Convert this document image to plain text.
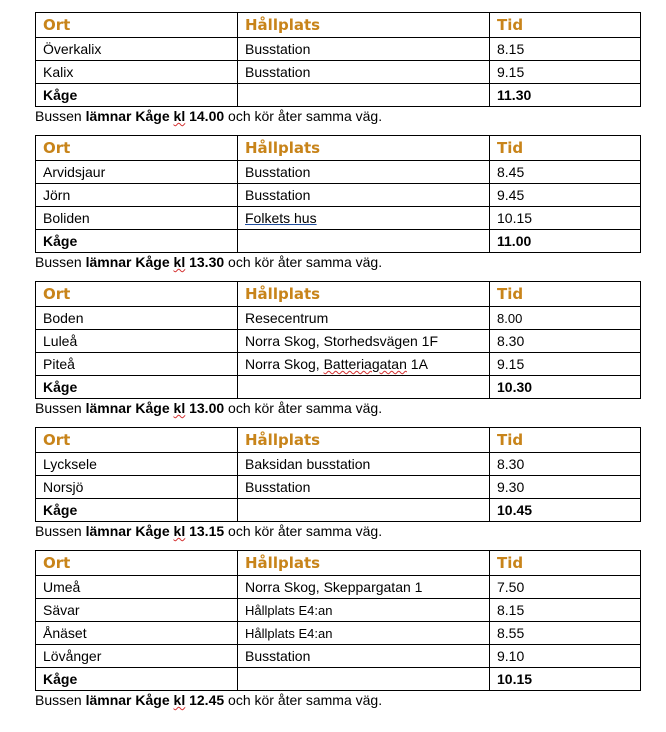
Ort	Hållplats	Tid
Överkalix	Busstation	8.15
Kalix	Busstation	9.15
Kåge		11.30

Bussen lämnar Kåge kl 14.00 och kör åter samma väg.

Ort	Hållplats	Tid
Arvidsjaur	Busstation	8.45
Jörn	Busstation	9.45
Boliden	Folkets hus	10.15
Kåge		11.00

Bussen lämnar Kåge kl 13.30 och kör åter samma väg.

Ort	Hållplats	Tid
Boden	Resecentrum	8.00
Luleå	Norra Skog, Storhedsvägen 1F	8.30
Piteå	Norra Skog, Batteriagatan 1A	9.15
Kåge		10.30

Bussen lämnar Kåge kl 13.00 och kör åter samma väg.

Ort	Hållplats	Tid
Lycksele	Baksidan busstation	8.30
Norsjö	Busstation	9.30
Kåge		10.45

Bussen lämnar Kåge kl 13.15 och kör åter samma väg.

Ort	Hållplats	Tid
Umeå	Norra Skog, Skeppargatan 1	7.50
Sävar	Hållplats E4:an	8.15
Ånäset	Hållplats E4:an	8.55
Lövånger	Busstation	9.10
Kåge		10.15

Bussen lämnar Kåge kl 12.45 och kör åter samma väg.
